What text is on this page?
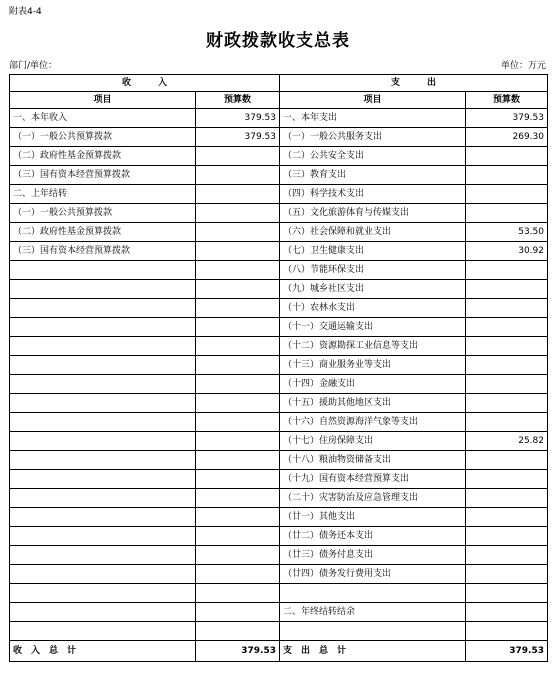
附表4-4
财政拨款收支总表
部门/单位：	单位：万元
收　　　入		支　　　出	
项目	预算数	项目	预算数
一、本年收入	379.53	一、本年支出	379.53
（一）一般公共预算拨款	379.53	（一）一般公共服务支出	269.30
（二）政府性基金预算拨款		（二）公共安全支出	
（三）国有资本经营预算拨款		（三）教育支出	
二、上年结转		（四）科学技术支出	
（一）一般公共预算拨款		（五）文化旅游体育与传媒支出	
（二）政府性基金预算拨款		（六）社会保障和就业支出	53.50
（三）国有资本经营预算拨款		（七）卫生健康支出	30.92
		（八）节能环保支出	
		（九）城乡社区支出	
		（十）农林水支出	
		（十一）交通运输支出	
		（十二）资源勘探工业信息等支出	
		（十三）商业服务业等支出	
		（十四）金融支出	
		（十五）援助其他地区支出	
		（十六）自然资源海洋气象等支出	
		（十七）住房保障支出	25.82
		（十八）粮油物资储备支出	
		（十九）国有资本经营预算支出	
		（二十）灾害防治及应急管理支出	
		（廿一）其他支出	
		（廿二）债务还本支出	
		（廿三）债务付息支出	
		（廿四）债务发行费用支出	

		二、年终结转结余	

收　入　总　计	379.53	支　出　总　计	379.53
